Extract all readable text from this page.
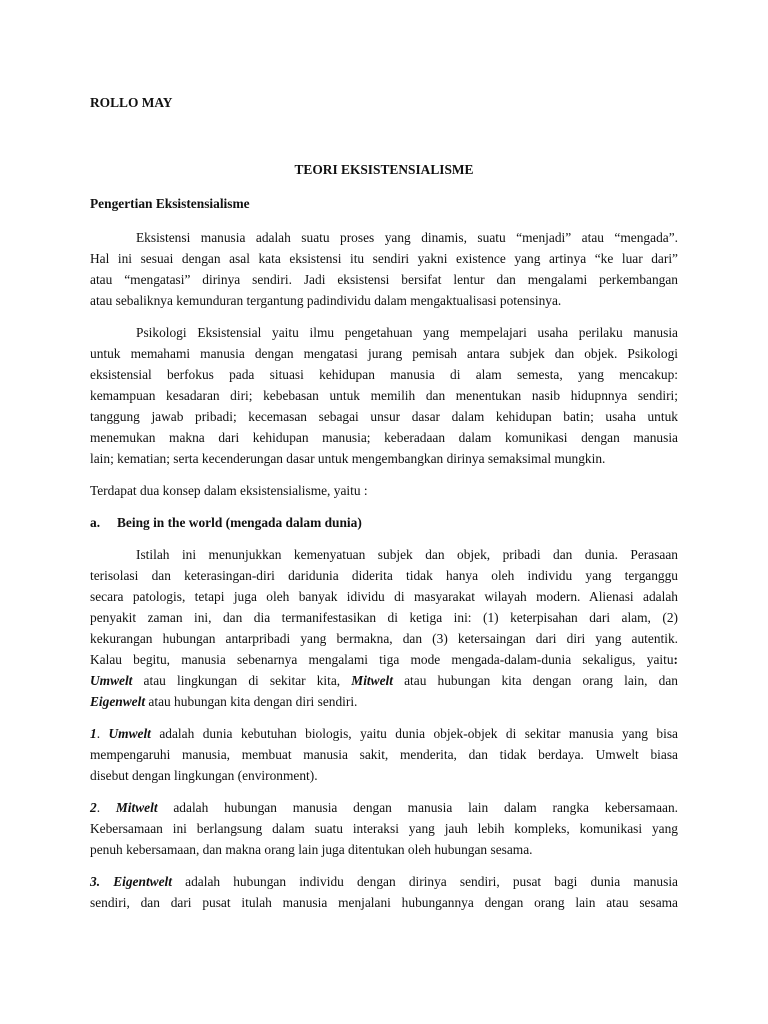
ROLLO MAY
TEORI EKSISTENSIALISME
Pengertian Eksistensialisme
Eksistensi manusia adalah suatu proses yang dinamis, suatu “menjadi” atau “mengada”.
Hal ini sesuai dengan asal kata eksistensi itu sendiri yakni existence yang artinya “ke luar dari”
atau “mengatasi” dirinya sendiri. Jadi eksistensi bersifat lentur dan mengalami perkembangan
atau sebaliknya kemunduran tergantung padindividu dalam mengaktualisasi potensinya.
Psikologi Eksistensial yaitu ilmu pengetahuan yang mempelajari usaha perilaku manusia
untuk memahami manusia dengan mengatasi jurang pemisah antara subjek dan objek. Psikologi
eksistensial berfokus pada situasi kehidupan manusia di alam semesta, yang mencakup:
kemampuan kesadaran diri; kebebasan untuk memilih dan menentukan nasib hidupnnya sendiri;
tanggung jawab pribadi; kecemasan sebagai unsur dasar dalam kehidupan batin; usaha untuk
menemukan makna dari kehidupan manusia; keberadaan dalam komunikasi dengan manusia
lain; kematian; serta kecenderungan dasar untuk mengembangkan dirinya semaksimal mungkin.
Terdapat dua konsep dalam eksistensialisme, yaitu :
a. Being in the world (mengada dalam dunia)
Istilah ini menunjukkan kemenyatuan subjek dan objek, pribadi dan dunia. Perasaan
terisolasi dan keterasingan-diri daridunia diderita tidak hanya oleh individu yang terganggu
secara patologis, tetapi juga oleh banyak idividu di masyarakat wilayah modern. Alienasi adalah
penyakit zaman ini, dan dia termanifestasikan di ketiga ini: (1) keterpisahan dari alam, (2)
kekurangan hubungan antarpribadi yang bermakna, dan (3) ketersaingan dari diri yang autentik.
Kalau begitu, manusia sebenarnya mengalami tiga mode mengada-dalam-dunia sekaligus, yaitu:
Umwelt atau lingkungan di sekitar kita, Mitwelt atau hubungan kita dengan orang lain, dan
Eigenwelt atau hubungan kita dengan diri sendiri.
1. Umwelt adalah dunia kebutuhan biologis, yaitu dunia objek-objek di sekitar manusia yang bisa
mempengaruhi manusia, membuat manusia sakit, menderita, dan tidak berdaya. Umwelt biasa
disebut dengan lingkungan (environment).
2. Mitwelt adalah hubungan manusia dengan manusia lain dalam rangka kebersamaan.
Kebersamaan ini berlangsung dalam suatu interaksi yang jauh lebih kompleks, komunikasi yang
penuh kebersamaan, dan makna orang lain juga ditentukan oleh hubungan sesama.
3. Eigentwelt adalah hubungan individu dengan dirinya sendiri, pusat bagi dunia manusia
sendiri, dan dari pusat itulah manusia menjalani hubungannya dengan orang lain atau sesama
